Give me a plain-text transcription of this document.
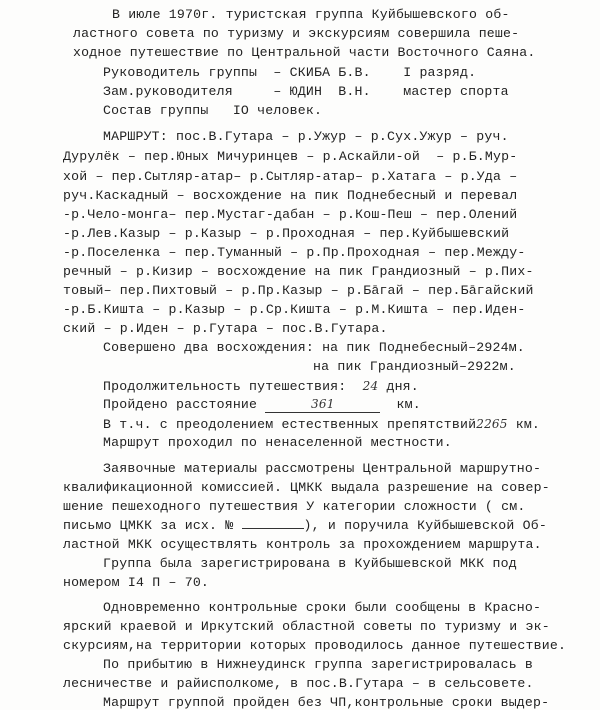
В июле 1970г. туристская группа Куйбышевского об-
ластного совета по туризму и экскурсиям совершила пеше-
ходное путешествие по Центральной части Восточного Саяна.
Руководитель группы  – СКИБА Б.В.    I разряд.
Зам.руководителя     – ЮДИН  В.Н.    мастер спорта
Состав группы   IO человек.
МАРШРУТ: пос.В.Гутара – р.Ужур – р.Сух.Ужур – руч.
Дурулёк – пер.Юных Мичуринцев – р.Аскайли-ой  – р.Б.Мур-
хой – пер.Сытляр-атар– р.Сытляр-атар– р.Хатага – р.Уда –
руч.Каскадный – восхождение на пик Поднебесный и перевал
-р.Чело-монга– пер.Мустаг-дабан – р.Кош-Пеш – пер.Олений
-р.Лев.Казыр – р.Казыр – р.Проходная – пер.Куйбышевский
-р.Поселенка – пер.Туманный – р.Пр.Проходная – пер.Междy-
речный – р.Кизир – восхождение на пик Грандиозный – р.Пих-
товый– пер.Пихтовый – р.Пр.Казыр – р.Бāгай – пер.Бāгайский
-р.Б.Кишта – р.Казыр – р.Ср.Кишта – р.М.Кишта – пер.Иден-
ский – р.Иден – р.Гутара – пос.В.Гутара.
Совершено два восхождения: на пик Поднебесный–2924м.
на пик Грандиозный–2922м.
Продолжительность путешествия: 24 дня.
Пройдено расстояние	361	км.
В т.ч. с преодолением естественных препятствий2265 км.
Маршрут проходил по ненаселенной местности.
Заявочные материалы рассмотрены Центральной маршрутно-
квалификационной комиссией. ЦМКК выдала разрешение на совер-
шение пешеходного путешествия У категории сложности ( см.
письмо ЦМКК за исх. №	), и поручила Куйбышевской Об-
ластной МКК осуществлять контроль за прохождением маршрута.
Группа была зарегистрирована в Куйбышевской МКК под
номером I4 П – 70.
Одновременно контрольные сроки были сообщены в Красно-
ярский краевой и Иркутский областной советы по туризму и эк-
скурсиям,на территории которых проводилось данное путешествие.
По прибытию в Нижнеудинск группа зарегистрировалась в
лесничестве и райисполкоме, в пос.В.Гутара – в сельсовете.
Маршрут группой пройден без ЧП,контрольные сроки выдер-
